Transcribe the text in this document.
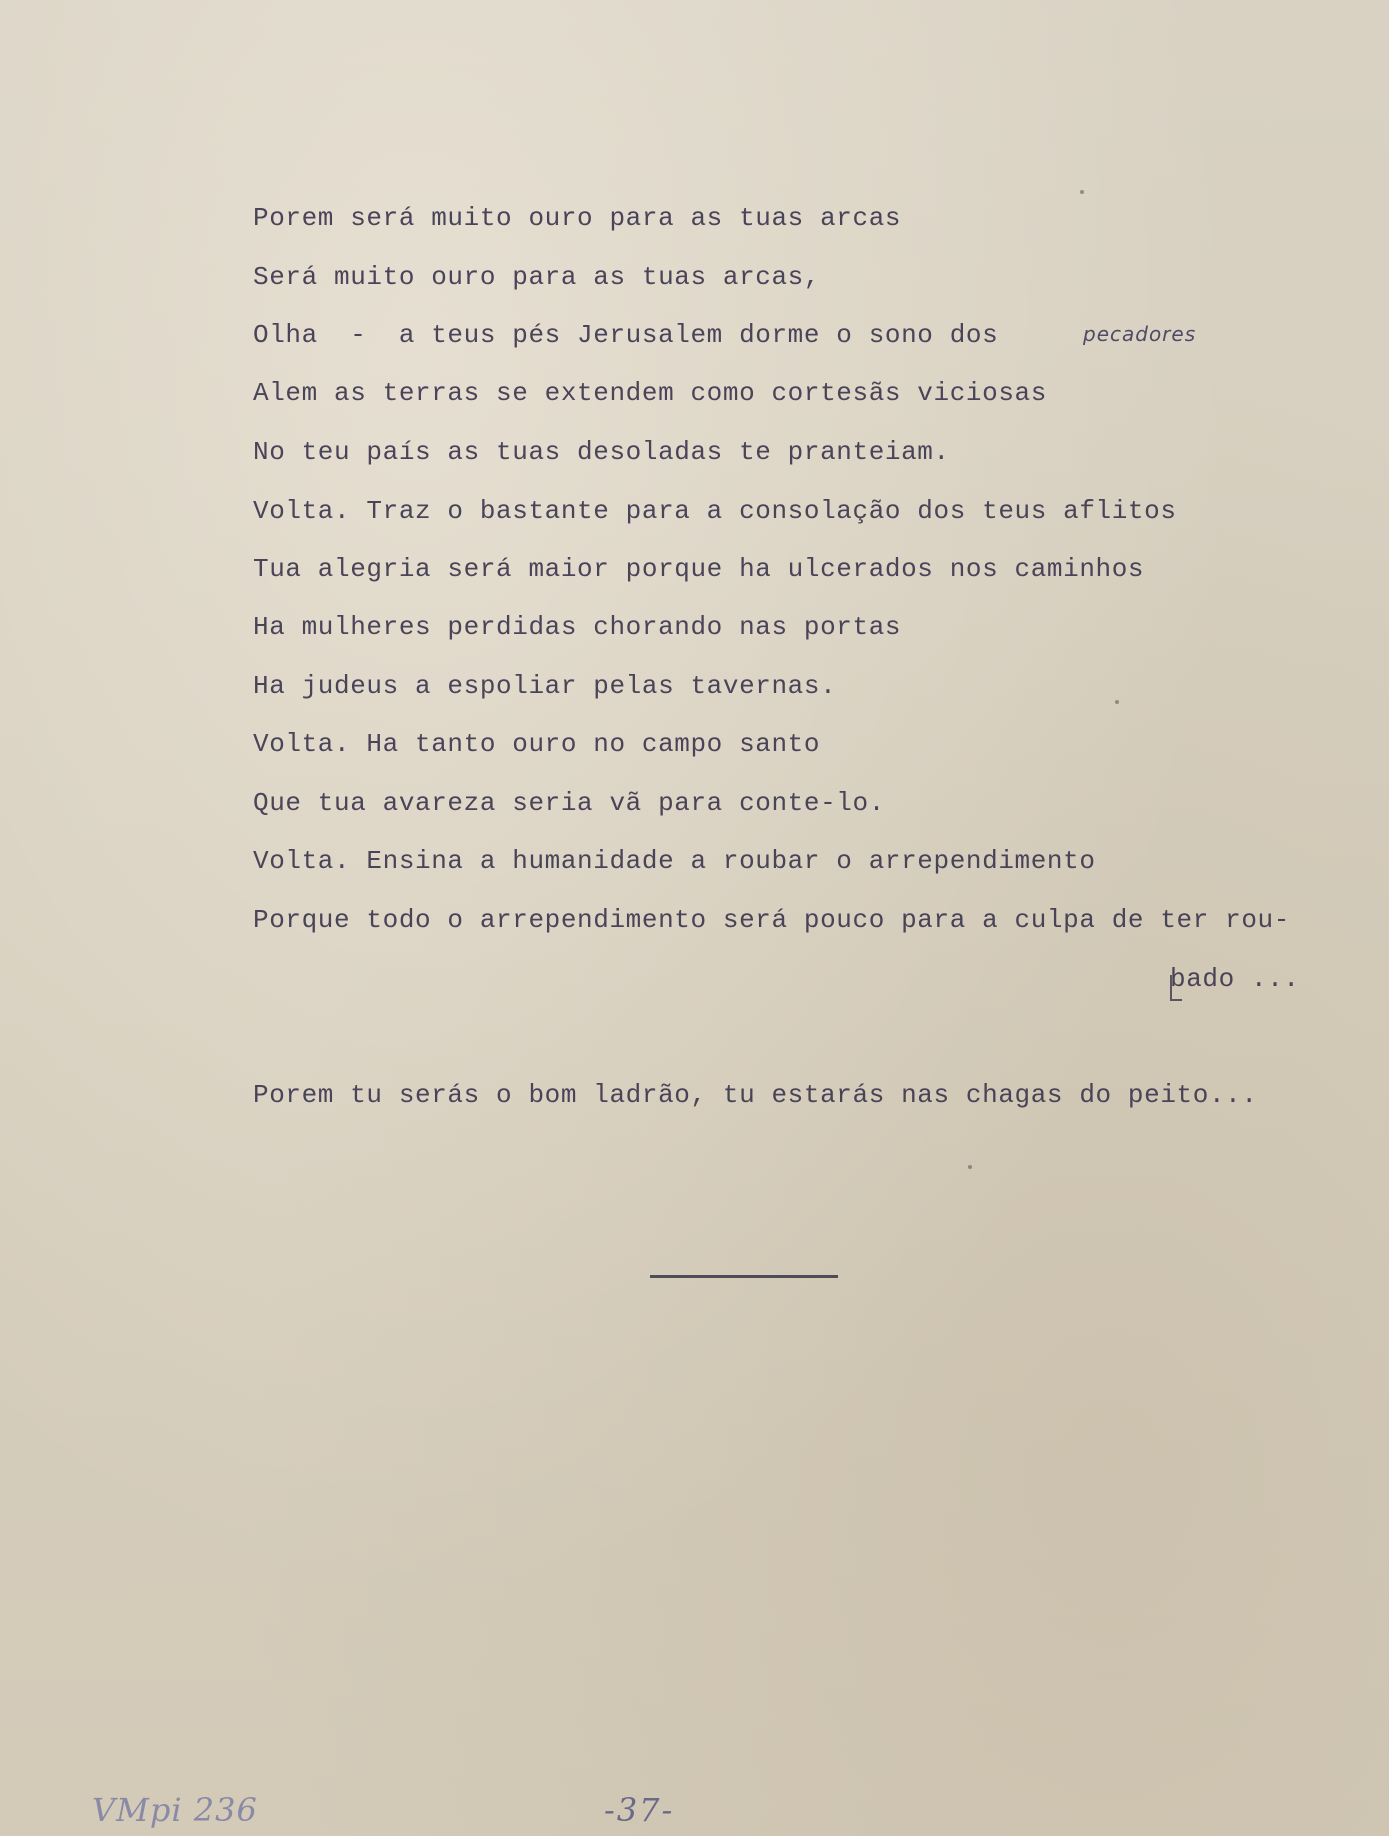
Porem será muito ouro para as tuas arcas

Será muito ouro para as tuas arcas,

Olha  -  a teus pés Jerusalem dorme o sono dos	pecadores

Alem as terras se extendem como cortesãs viciosas

No teu país as tuas desoladas te pranteiam.

Volta. Traz o bastante para a consolação dos teus aflitos

Tua alegria será maior porque ha ulcerados nos caminhos

Ha mulheres perdidas chorando nas portas

Ha judeus a espoliar pelas tavernas.

Volta. Ha tanto ouro no campo santo

Que tua avareza seria vã para conte-lo.

Volta. Ensina a humanidade a roubar o arrependimento

Porque todo o arrependimento será pouco para a culpa de ter rou-

bado ...

Porem tu serás o bom ladrão, tu estarás nas chagas do peito...

VMpi 236	-37-
